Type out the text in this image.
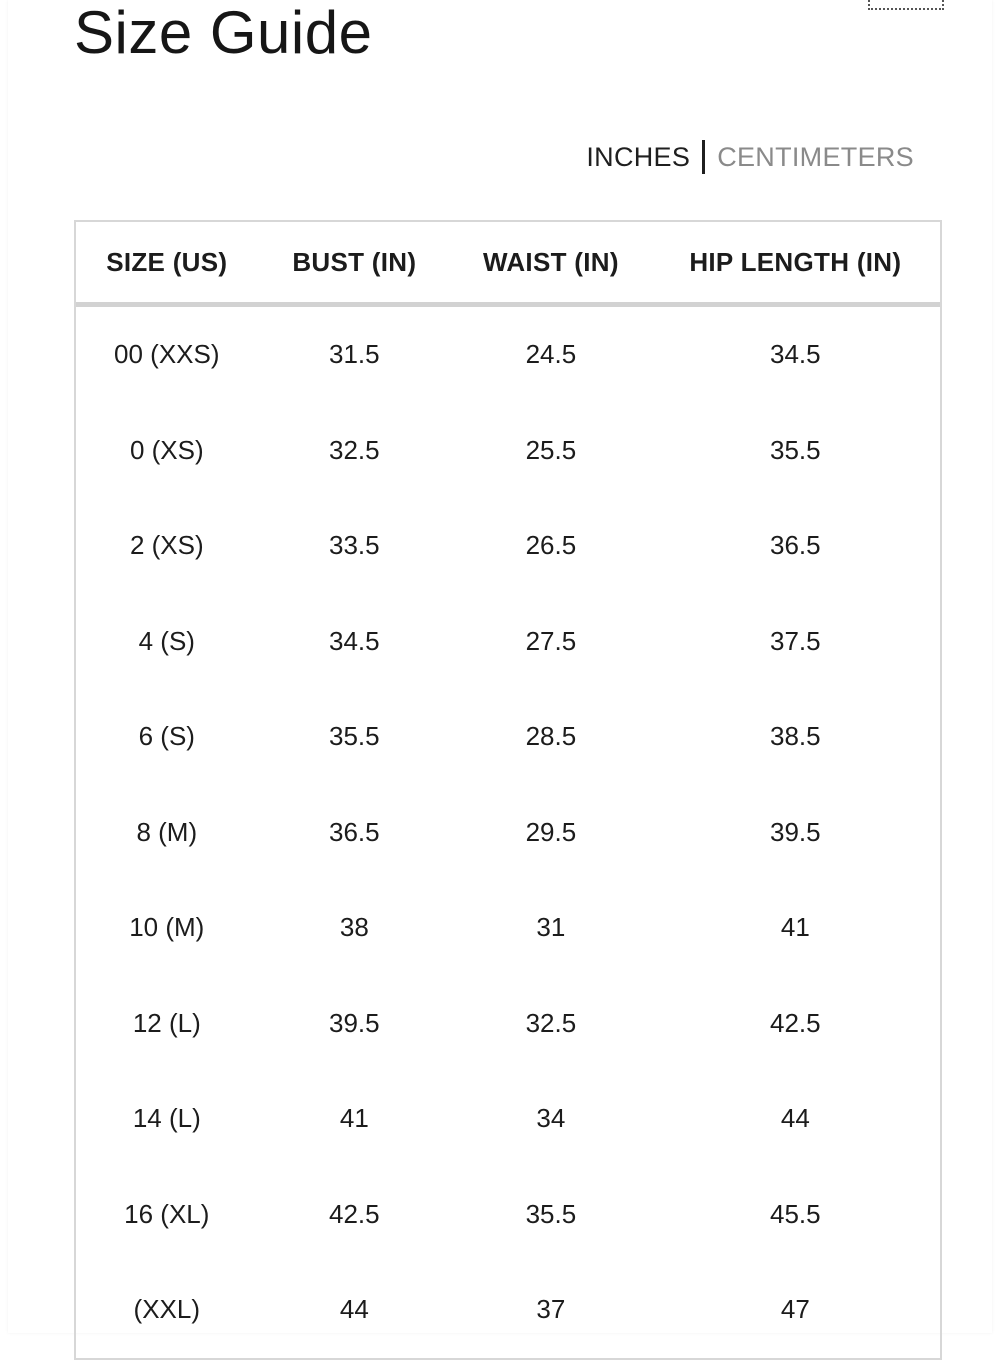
Size Guide
INCHES CENTIMETERS
SIZE (US)	BUST (IN)	WAIST (IN)	HIP LENGTH (IN)
00 (XXS)	31.5	24.5	34.5
0 (XS)	32.5	25.5	35.5
2 (XS)	33.5	26.5	36.5
4 (S)	34.5	27.5	37.5
6 (S)	35.5	28.5	38.5
8 (M)	36.5	29.5	39.5
10 (M)	38	31	41
12 (L)	39.5	32.5	42.5
14 (L)	41	34	44
16 (XL)	42.5	35.5	45.5
(XXL)	44	37	47
